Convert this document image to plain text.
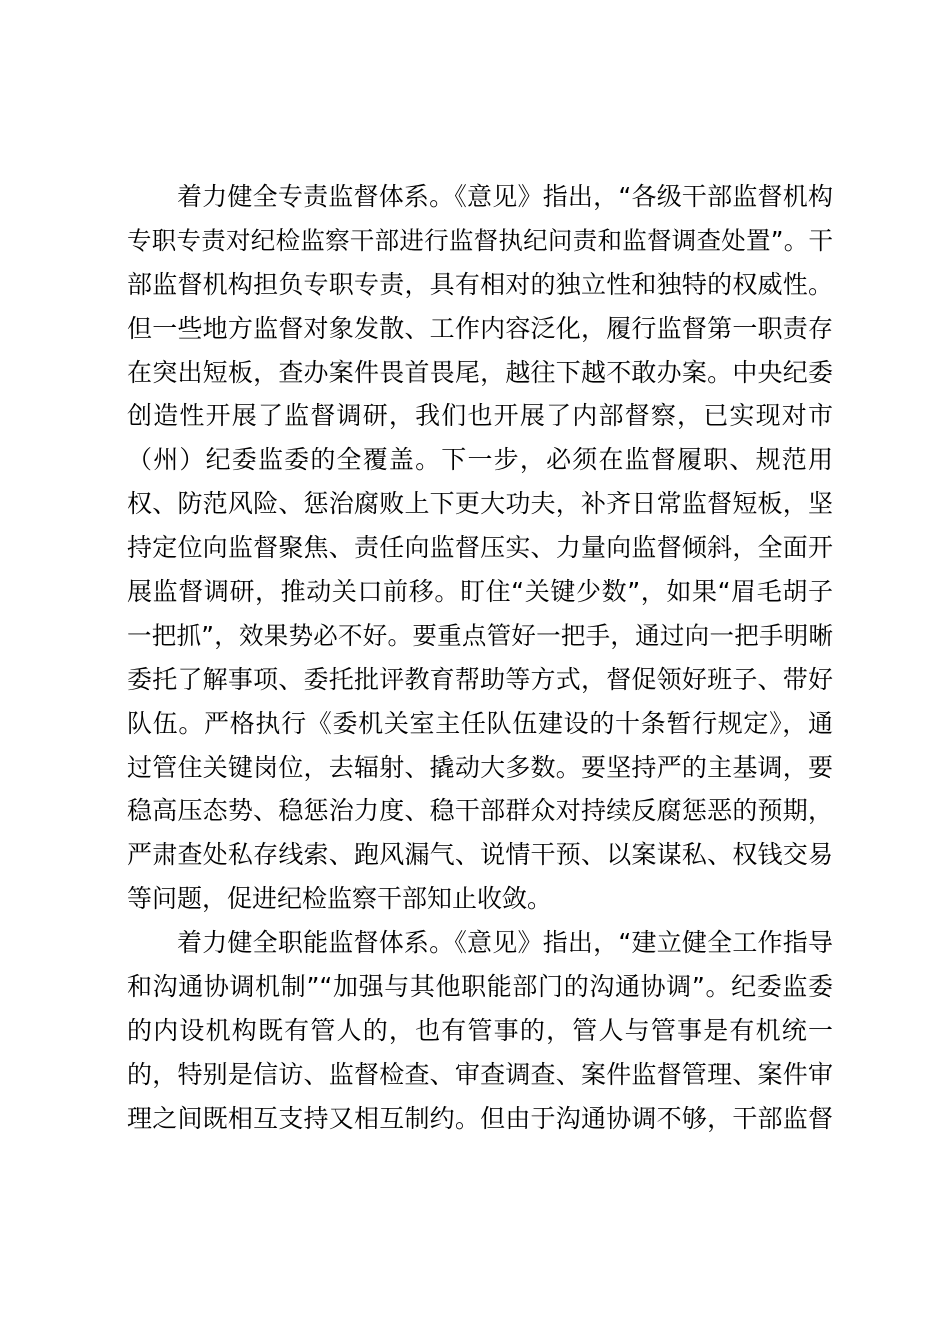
着力健全专责监督体系。《意见》指出，“各级干部监督机构
专职专责对纪检监察干部进行监督执纪问责和监督调查处置”。干
部监督机构担负专职专责，具有相对的独立性和独特的权威性。
但一些地方监督对象发散、工作内容泛化，履行监督第一职责存
在突出短板，查办案件畏首畏尾，越往下越不敢办案。中央纪委
创造性开展了监督调研，我们也开展了内部督察，已实现对市
（州）纪委监委的全覆盖。下一步，必须在监督履职、规范用
权、防范风险、惩治腐败上下更大功夫，补齐日常监督短板，坚
持定位向监督聚焦、责任向监督压实、力量向监督倾斜，全面开
展监督调研，推动关口前移。盯住“关键少数”，如果“眉毛胡子
一把抓”，效果势必不好。要重点管好一把手，通过向一把手明晰
委托了解事项、委托批评教育帮助等方式，督促领好班子、带好
队伍。严格执行《委机关室主任队伍建设的十条暂行规定》，通
过管住关键岗位，去辐射、撬动大多数。要坚持严的主基调，要
稳高压态势、稳惩治力度、稳干部群众对持续反腐惩恶的预期，
严肃查处私存线索、跑风漏气、说情干预、以案谋私、权钱交易
等问题，促进纪检监察干部知止收敛。
着力健全职能监督体系。《意见》指出，“建立健全工作指导
和沟通协调机制”“加强与其他职能部门的沟通协调”。纪委监委
的内设机构既有管人的，也有管事的，管人与管事是有机统一
的，特别是信访、监督检查、审查调查、案件监督管理、案件审
理之间既相互支持又相互制约。但由于沟通协调不够，干部监督
